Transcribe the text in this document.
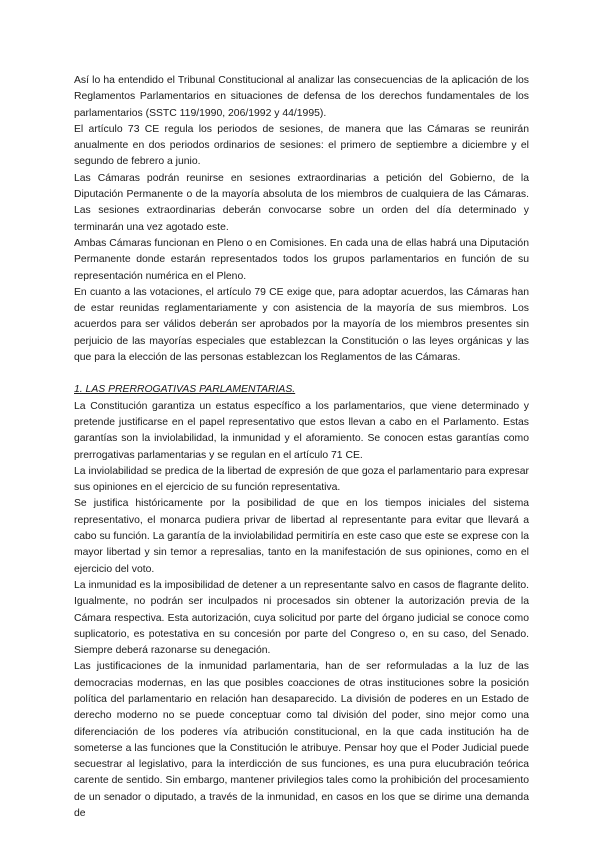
Así lo ha entendido el Tribunal Constitucional al analizar las consecuencias de la aplicación de los Reglamentos Parlamentarios en situaciones de defensa de los derechos fundamentales de los parlamentarios (SSTC 119/1990, 206/1992 y 44/1995).

El artículo 73 CE regula los periodos de sesiones, de manera que las Cámaras se reunirán anualmente en dos periodos ordinarios de sesiones: el primero de septiembre a diciembre y el segundo de febrero a junio.

Las Cámaras podrán reunirse en sesiones extraordinarias a petición del Gobierno, de la Diputación Permanente o de la mayoría absoluta de los miembros de cualquiera de las Cámaras. Las sesiones extraordinarias deberán convocarse sobre un orden del día determinado y terminarán una vez agotado este.

Ambas Cámaras funcionan en Pleno o en Comisiones. En cada una de ellas habrá una Diputación Permanente donde estarán representados todos los grupos parlamentarios en función de su representación numérica en el Pleno.

En cuanto a las votaciones, el artículo 79 CE exige que, para adoptar acuerdos, las Cámaras han de estar reunidas reglamentariamente y con asistencia de la mayoría de sus miembros. Los acuerdos para ser válidos deberán ser aprobados por la mayoría de los miembros presentes sin perjuicio de las mayorías especiales que establezcan la Constitución o las leyes orgánicas y las que para la elección de las personas establezcan los Reglamentos de las Cámaras.

1. LAS PRERROGATIVAS PARLAMENTARIAS.

La Constitución garantiza un estatus específico a los parlamentarios, que viene determinado y pretende justificarse en el papel representativo que estos llevan a cabo en el Parlamento. Estas garantías son la inviolabilidad, la inmunidad y el aforamiento. Se conocen estas garantías como prerrogativas parlamentarias y se regulan en el artículo 71 CE.

La inviolabilidad se predica de la libertad de expresión de que goza el parlamentario para expresar sus opiniones en el ejercicio de su función representativa.

Se justifica históricamente por la posibilidad de que en los tiempos iniciales del sistema representativo, el monarca pudiera privar de libertad al representante para evitar que llevará a cabo su función. La garantía de la inviolabilidad permitiría en este caso que este se exprese con la mayor libertad y sin temor a represalias, tanto en la manifestación de sus opiniones, como en el ejercicio del voto.

La inmunidad es la imposibilidad de detener a un representante salvo en casos de flagrante delito. Igualmente, no podrán ser inculpados ni procesados sin obtener la autorización previa de la Cámara respectiva. Esta autorización, cuya solicitud por parte del órgano judicial se conoce como suplicatorio, es potestativa en su concesión por parte del Congreso o, en su caso, del Senado. Siempre deberá razonarse su denegación.

Las justificaciones de la inmunidad parlamentaria, han de ser reformuladas a la luz de las democracias modernas, en las que posibles coacciones de otras instituciones sobre la posición política del parlamentario en relación han desaparecido. La división de poderes en un Estado de derecho moderno no se puede conceptuar como tal división del poder, sino mejor como una diferenciación de los poderes vía atribución constitucional, en la que cada institución ha de someterse a las funciones que la Constitución le atribuye. Pensar hoy que el Poder Judicial puede secuestrar al legislativo, para la interdicción de sus funciones, es una pura elucubración teórica carente de sentido. Sin embargo, mantener privilegios tales como la prohibición del procesamiento de un senador o diputado, a través de la inmunidad, en casos en los que se dirime una demanda de
